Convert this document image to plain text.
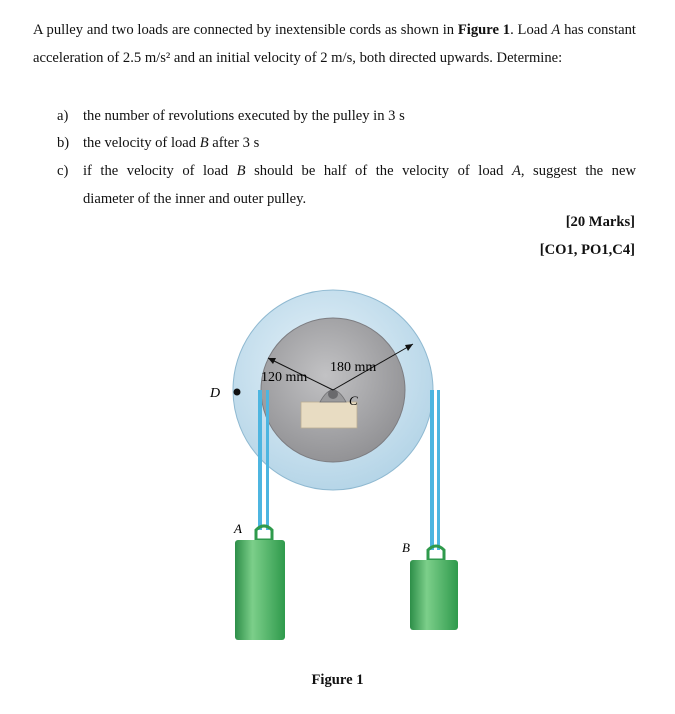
A pulley and two loads are connected by inextensible cords as shown in Figure 1. Load A has constant acceleration of 2.5 m/s² and an initial velocity of 2 m/s, both directed upwards. Determine:
a) the number of revolutions executed by the pulley in 3 s
b) the velocity of load B after 3 s
c) if the velocity of load B should be half of the velocity of load A, suggest the new
diameter of the inner and outer pulley.
[20 Marks]
[CO1, PO1,C4]
120 mm
180 mm
C
D
A
B
Figure 1
